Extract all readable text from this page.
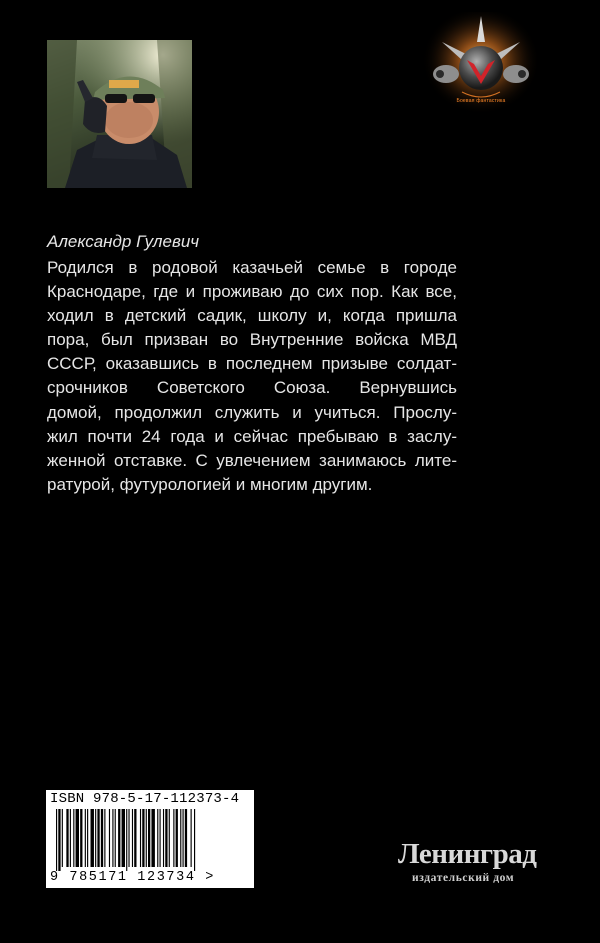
Боевая фантастика

Александр Гулевич

Родился в родовой казачьей семье в городе
Краснодаре, где и проживаю до сих пор. Как все,
ходил в детский садик, школу и, когда пришла
пора, был призван во Внутренние войска МВД
СССР, оказавшись в последнем призыве солдат-
срочников Советского Союза. Вернувшись
домой, продолжил служить и учиться. Прослу-
жил почти 24 года и сейчас пребываю в заслу-
женной отставке. С увлечением занимаюсь лите-
ратурой, футурологией и многим другим.
ISBN 978-5-17-112373-4
9 785171 123734 >
Ленинград
издательский дом
